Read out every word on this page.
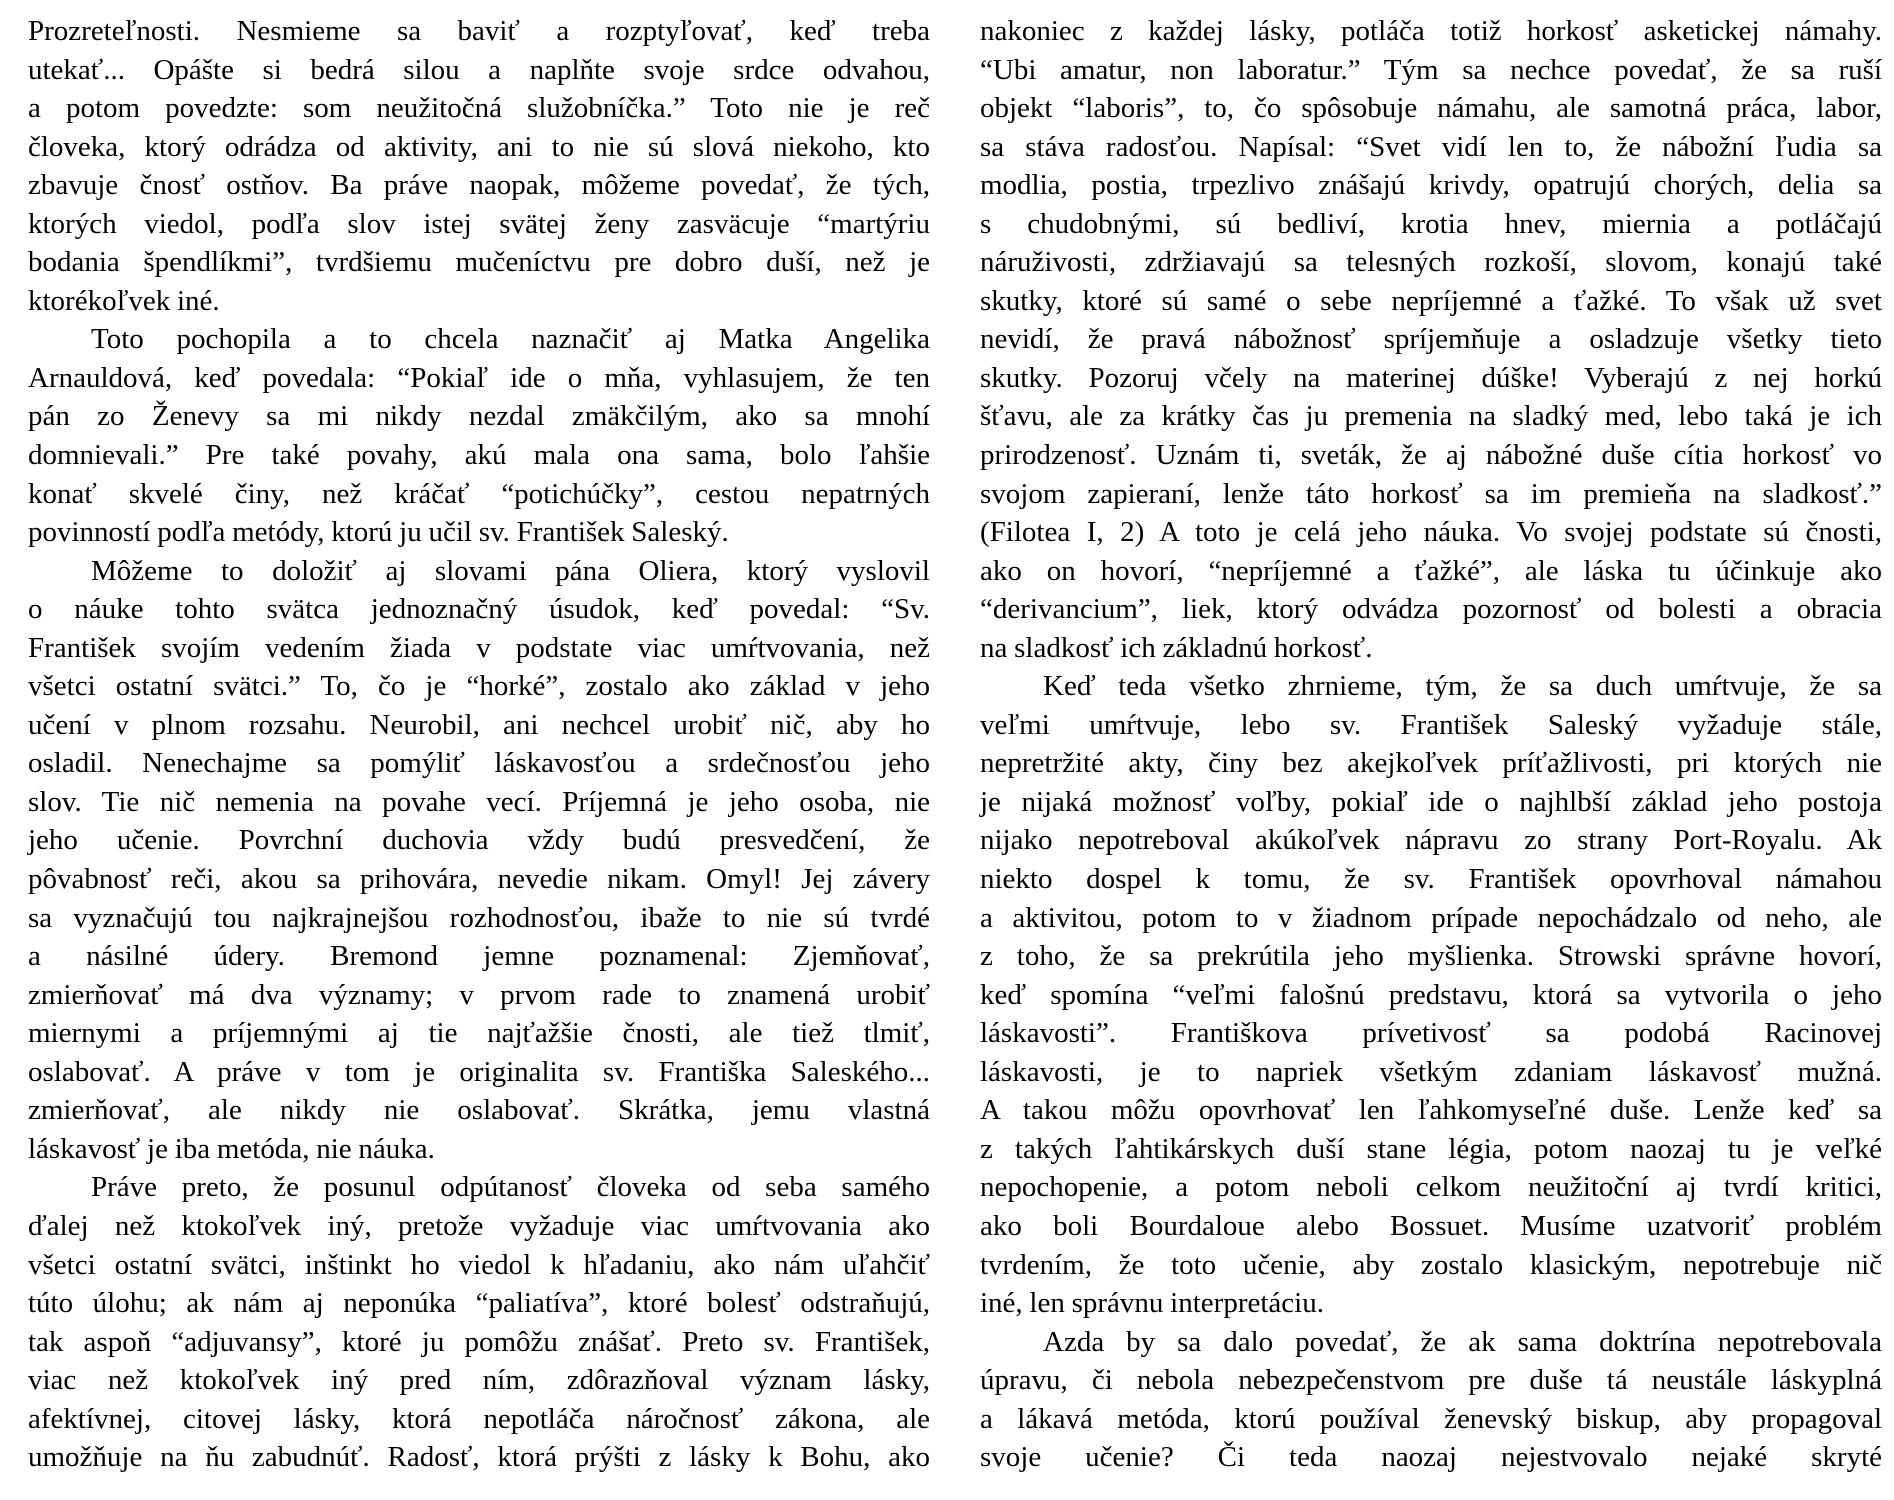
Prozreteľnosti. Nesmieme sa baviť a rozptyľovať, keď treba
utekať... Opášte si bedrá silou a naplňte svoje srdce odvahou,
a potom povedzte: som neužitočná služobníčka.” Toto nie je reč
človeka, ktorý odrádza od aktivity, ani to nie sú slová niekoho, kto
zbavuje čnosť ostňov. Ba práve naopak, môžeme povedať, že tých,
ktorých viedol, podľa slov istej svätej ženy zasväcuje “martýriu
bodania špendlíkmi”, tvrdšiemu mučeníctvu pre dobro duší, než je
ktorékoľvek iné.
Toto pochopila a to chcela naznačiť aj Matka Angelika
Arnauldová, keď povedala: “Pokiaľ ide o mňa, vyhlasujem, že ten
pán zo Ženevy sa mi nikdy nezdal zmäkčilým, ako sa mnohí
domnievali.” Pre také povahy, akú mala ona sama, bolo ľahšie
konať skvelé činy, než kráčať “potichúčky”, cestou nepatrných
povinností podľa metódy, ktorú ju učil sv. František Saleský.
Môžeme to doložiť aj slovami pána Oliera, ktorý vyslovil
o náuke tohto svätca jednoznačný úsudok, keď povedal: “Sv.
František svojím vedením žiada v podstate viac umŕtvovania, než
všetci ostatní svätci.” To, čo je “horké”, zostalo ako základ v jeho
učení v plnom rozsahu. Neurobil, ani nechcel urobiť nič, aby ho
osladil. Nenechajme sa pomýliť láskavosťou a srdečnosťou jeho
slov. Tie nič nemenia na povahe vecí. Príjemná je jeho osoba, nie
jeho učenie. Povrchní duchovia vždy budú presvedčení, že
pôvabnosť reči, akou sa prihovára, nevedie nikam. Omyl! Jej závery
sa vyznačujú tou najkrajnejšou rozhodnosťou, ibaže to nie sú tvrdé
a násilné údery. Bremond jemne poznamenal: Zjemňovať,
zmierňovať má dva významy; v prvom rade to znamená urobiť
miernymi a príjemnými aj tie najťažšie čnosti, ale tiež tlmiť,
oslabovať. A práve v tom je originalita sv. Františka Saleského...
zmierňovať, ale nikdy nie oslabovať. Skrátka, jemu vlastná
láskavosť je iba metóda, nie náuka.
Práve preto, že posunul odpútanosť človeka od seba samého
ďalej než ktokoľvek iný, pretože vyžaduje viac umŕtvovania ako
všetci ostatní svätci, inštinkt ho viedol k hľadaniu, ako nám uľahčiť
túto úlohu; ak nám aj neponúka “paliatíva”, ktoré bolesť odstraňujú,
tak aspoň “adjuvansy”, ktoré ju pomôžu znášať. Preto sv. František,
viac než ktokoľvek iný pred ním, zdôrazňoval význam lásky,
afektívnej, citovej lásky, ktorá nepotláča náročnosť zákona, ale
umožňuje na ňu zabudnúť. Radosť, ktorá prýšti z lásky k Bohu, ako
nakoniec z každej lásky, potláča totiž horkosť asketickej námahy.
“Ubi amatur, non laboratur.” Tým sa nechce povedať, že sa ruší
objekt “laboris”, to, čo spôsobuje námahu, ale samotná práca, labor,
sa stáva radosťou. Napísal: “Svet vidí len to, že nábožní ľudia sa
modlia, postia, trpezlivo znášajú krivdy, opatrujú chorých, delia sa
s chudobnými, sú bedliví, krotia hnev, miernia a potláčajú
náruživosti, zdržiavajú sa telesných rozkoší, slovom, konajú také
skutky, ktoré sú samé o sebe nepríjemné a ťažké. To však už svet
nevidí, že pravá nábožnosť spríjemňuje a osladzuje všetky tieto
skutky. Pozoruj včely na materinej dúške! Vyberajú z nej horkú
šťavu, ale za krátky čas ju premenia na sladký med, lebo taká je ich
prirodzenosť. Uznám ti, sveták, že aj nábožné duše cítia horkosť vo
svojom zapieraní, lenže táto horkosť sa im premieňa na sladkosť.”
(Filotea I, 2) A toto je celá jeho náuka. Vo svojej podstate sú čnosti,
ako on hovorí, “nepríjemné a ťažké”, ale láska tu účinkuje ako
“derivancium”, liek, ktorý odvádza pozornosť od bolesti a obracia
na sladkosť ich základnú horkosť.
Keď teda všetko zhrnieme, tým, že sa duch umŕtvuje, že sa
veľmi umŕtvuje, lebo sv. František Saleský vyžaduje stále,
nepretržité akty, činy bez akejkoľvek príťažlivosti, pri ktorých nie
je nijaká možnosť voľby, pokiaľ ide o najhlbší základ jeho postoja
nijako nepotreboval akúkoľvek nápravu zo strany Port-Royalu. Ak
niekto dospel k tomu, že sv. František opovrhoval námahou
a aktivitou, potom to v žiadnom prípade nepochádzalo od neho, ale
z toho, že sa prekrútila jeho myšlienka. Strowski správne hovorí,
keď spomína “veľmi falošnú predstavu, ktorá sa vytvorila o jeho
láskavosti”. Františkova prívetivosť sa podobá Racinovej
láskavosti, je to napriek všetkým zdaniam láskavosť mužná.
A takou môžu opovrhovať len ľahkomyseľné duše. Lenže keď sa
z takých ľahtikárskych duší stane légia, potom naozaj tu je veľké
nepochopenie, a potom neboli celkom neužitoční aj tvrdí kritici,
ako boli Bourdaloue alebo Bossuet. Musíme uzatvoriť problém
tvrdením, že toto učenie, aby zostalo klasickým, nepotrebuje nič
iné, len správnu interpretáciu.
Azda by sa dalo povedať, že ak sama doktrína nepotrebovala
úpravu, či nebola nebezpečenstvom pre duše tá neustále láskyplná
a lákavá metóda, ktorú používal ženevský biskup, aby propagoval
svoje učenie? Či teda naozaj nejestvovalo nejaké skryté
